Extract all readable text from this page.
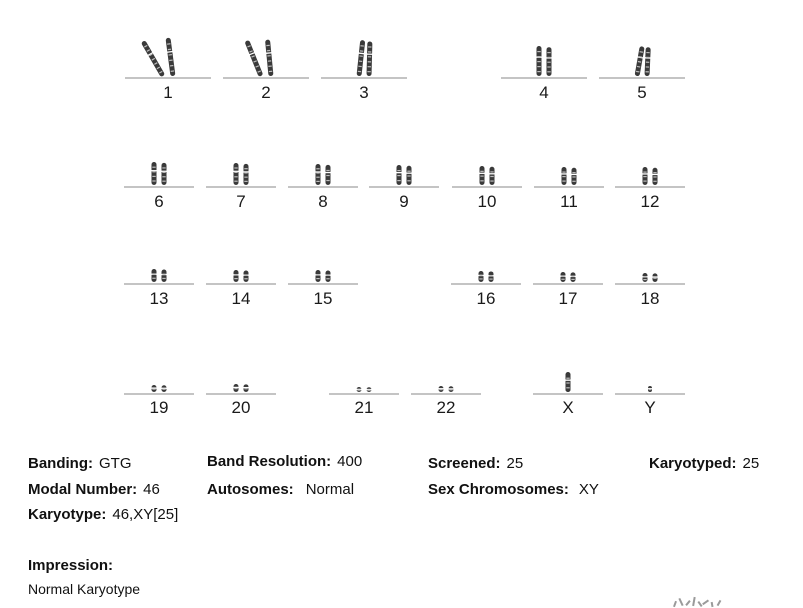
1	2	3	4	5
6	7	8	9	10	11	12
13	14	15	16	17	18
19	20	21	22	X	Y
Banding: GTG	Band Resolution: 400	Screened: 25	Karyotyped: 25
Modal Number: 46	Autosomes: Normal	Sex Chromosomes: XY
Karyotype: 46,XY[25]
Impression:
Normal Karyotype
